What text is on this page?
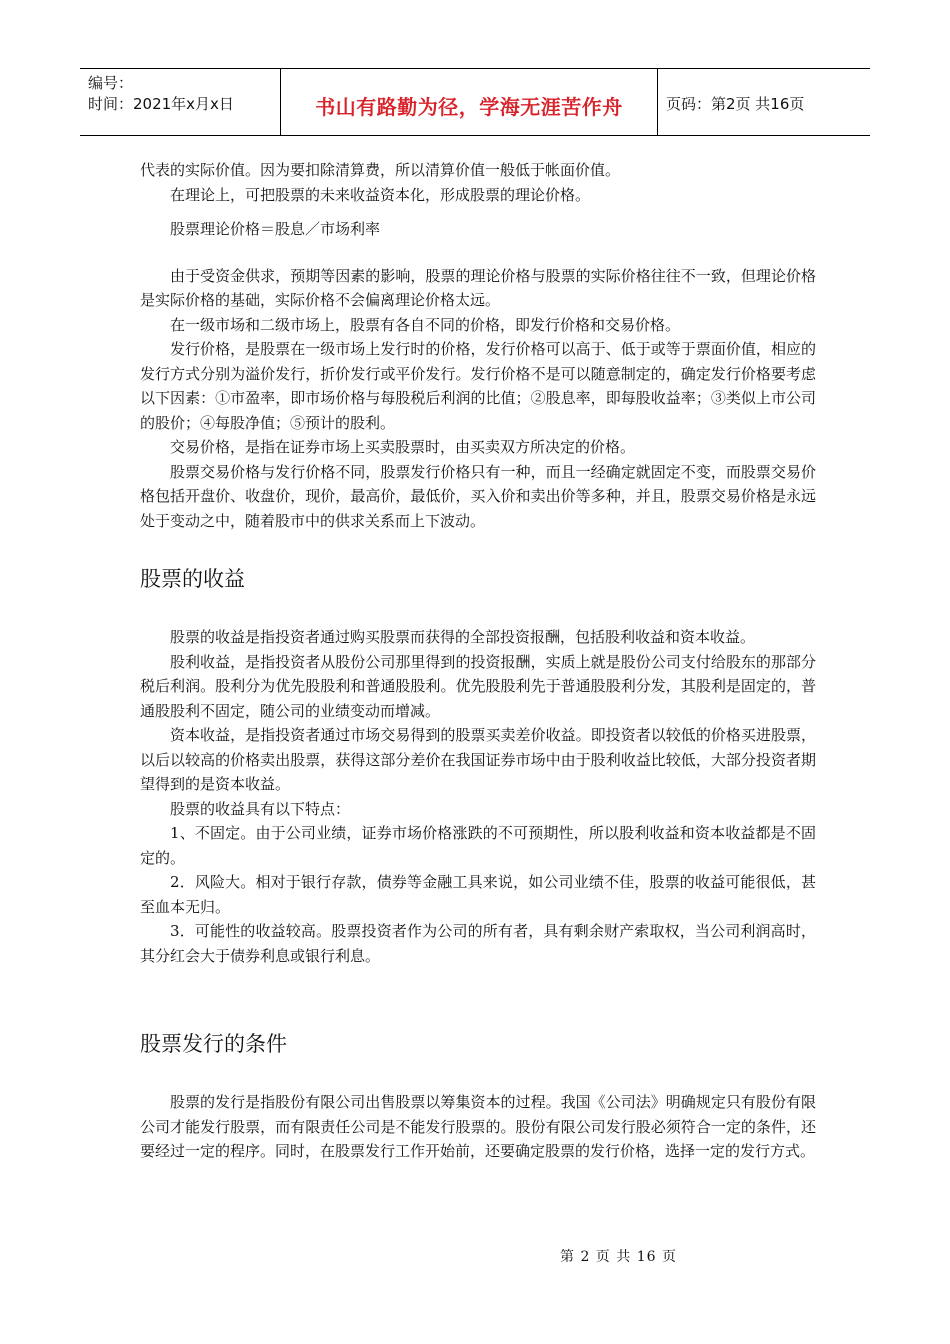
编号：
时间：2021年x月x日	书山有路勤为径，学海无涯苦作舟	页码：第2页 共16页

代表的实际价值。因为要扣除清算费，所以清算价值一般低于帐面价值。

在理论上，可把股票的未来收益资本化，形成股票的理论价格。

股票理论价格＝股息／市场利率

由于受资金供求，预期等因素的影响，股票的理论价格与股票的实际价格往往不一致，但理论价格是实际价格的基础，实际价格不会偏离理论价格太远。

在一级市场和二级市场上，股票有各自不同的价格，即发行价格和交易价格。

发行价格，是股票在一级市场上发行时的价格，发行价格可以高于、低于或等于票面价值，相应的发行方式分别为溢价发行，折价发行或平价发行。发行价格不是可以随意制定的，确定发行价格要考虑以下因素：①市盈率，即市场价格与每股税后利润的比值；②股息率，即每股收益率；③类似上市公司的股价；④每股净值；⑤预计的股利。

交易价格，是指在证券市场上买卖股票时，由买卖双方所决定的价格。

股票交易价格与发行价格不同，股票发行价格只有一种，而且一经确定就固定不变，而股票交易价格包括开盘价、收盘价，现价，最高价，最低价，买入价和卖出价等多种，并且，股票交易价格是永远处于变动之中，随着股市中的供求关系而上下波动。

股票的收益

股票的收益是指投资者通过购买股票而获得的全部投资报酬，包括股利收益和资本收益。

股利收益，是指投资者从股份公司那里得到的投资报酬，实质上就是股份公司支付给股东的那部分税后利润。股利分为优先股股利和普通股股利。优先股股利先于普通股股利分发，其股利是固定的，普通股股利不固定，随公司的业绩变动而增减。

资本收益，是指投资者通过市场交易得到的股票买卖差价收益。即投资者以较低的价格买进股票，以后以较高的价格卖出股票，获得这部分差价在我国证券市场中由于股利收益比较低，大部分投资者期望得到的是资本收益。

股票的收益具有以下特点：

1、不固定。由于公司业绩，证券市场价格涨跌的不可预期性，所以股利收益和资本收益都是不固定的。

2．风险大。相对于银行存款，债券等金融工具来说，如公司业绩不佳，股票的收益可能很低，甚至血本无归。

3．可能性的收益较高。股票投资者作为公司的所有者，具有剩余财产索取权，当公司利润高时，其分红会大于债券利息或银行利息。

股票发行的条件

股票的发行是指股份有限公司出售股票以筹集资本的过程。我国《公司法》明确规定只有股份有限公司才能发行股票，而有限责任公司是不能发行股票的。股份有限公司发行股必须符合一定的条件，还要经过一定的程序。同时，在股票发行工作开始前，还要确定股票的发行价格，选择一定的发行方式。

第 2 页 共 16 页
